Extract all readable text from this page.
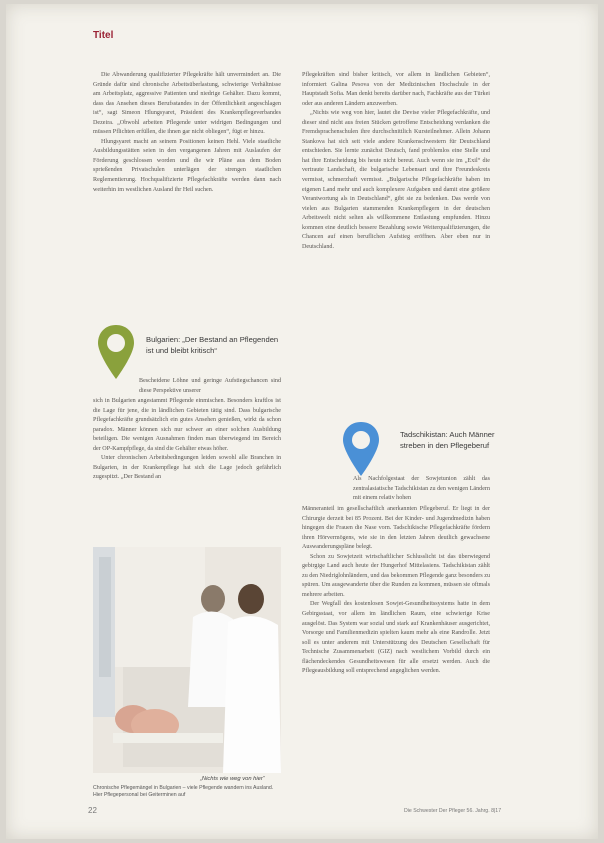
Titel

Die Abwanderung qualifizierter Pflegekräfte hält unvermindert an. Die Gründe dafür sind chronische Arbeitsüberlastung, schwierige Verhältnisse am Arbeitsplatz, aggressive Patienten und niedrige Gehälter. Dazu kommt, dass das Ansehen dieses Berufsstandes in der Öffentlichkeit angeschlagen ist“, sagt Simeon Hlungsyaret, Präsident des Krankenpflegeverbandes Dezeira. „Obwohl arbeiten Pflegende unter widrigen Bedingungen und müssen Pflichten erfüllen, die ihnen gar nicht obliegen“, fügt er hinzu.

Hlungsyaret macht an seinem Positionen keinen Hehl. Viele staatliche Ausbildungsstätten seien in den vergangenen Jahren mit Auslaufen der Förderung geschlossen worden und die wir Pläne aus dem Boden sprießenden Privatschulen unterlägen der strengen staatlichen Reglementierung. Hochqualifizierte Pflegefachkräfte werden dann nach weiterhin im westlichen Ausland ihr Heil suchen.

Pflegekräften sind bisher kritisch, vor allem in ländlichen Gebieten“, informiert Galina Pesova von der Medizinischen Hochschule in der Hauptstadt Sofia. Man denkt bereits darüber nach, Fachkräfte aus der Türkei oder aus anderen Ländern anzuwerben.

„Nichts wie weg von hier, lautet die Devise vieler Pflegefachkräfte, und dieser sind nicht aus freien Stücken getroffene Entscheidung verdanken die Fremdsprachenschulen ihre durchschnittlich Kursteilnehmer. Allein Johann Stankova hat sich seit viele andere Krankenschwestern für Deutschland entschieden. Sie lernte zunächst Deutsch, fand problemlos eine Stelle und hat ihre Entscheidung bis heute nicht bereut. Auch wenn sie im „Exil“ die vertraute Landschaft, die bulgarische Lebensart und ihre Freundeskreis vermisst, schmerzhaft vermisst. „Bulgarische Pflegefachkräfte haben im eigenen Land mehr und auch komplexere Aufgaben und damit eine größere Verantwortung als in Deutschland“, gibt sie zu bedenken. Das werde von vielen aus Bulgarien stammenden Krankenpflegern in der deutschen Arbeitswelt nicht selten als willkommene Entlastung empfunden. Hinzu kommen eine deutlich bessere Bezahlung sowie Weiterqualifizierungen, die Chancen auf einen beruflichen Aufstieg eröffnen. Aber eben nur in Deutschland.

Bulgarien: „Der Bestand an Pflegenden ist und bleibt kritisch“
Bescheidene Löhne und geringe Aufstiegschancen sind diese Perspektive unserer

sich in Bulgarien angestammt Pflegende einmischen. Besonders kraftlos ist die Lage für jene, die in ländlichen Gebieten tätig sind. Dass bulgarische Pflegefachkräfte grundsätzlich ein gutes Ansehen genießen, wirkt da schon paradox. Männer können sich nur schwer an einer solchen Ausbildung beteiligen. Die wenigen Ausnahmen finden man überwiegend im Bereich der OP-Kampfpflege, da sind die Gehälter etwas höher.

Unter chronischen Arbeitsbedingungen leiden sowohl alle Branchen in Bulgarien, in der Krankenpflege hat sich die Lage jedoch gefährlich zugespitzt. „Der Bestand an

Tadschikistan: Auch Männer streben in den Pflegeberuf
Als Nachfolgestaat der Sowjetunion zählt das zentralasiatische Tadschikistan zu den wenigen Ländern mit einem relativ hohen

Männeranteil im gesellschaftlich anerkannten Pflegeberuf. Er liegt in der Chirurgie derzeit bei 85 Prozent. Bei der Kinder- und Jugendmedizin haben hingegen die Frauen die Nase vorn. Tadschikische Pflegefachkräfte fördern ihren Hörvermögens, wie sie in den letzten Jahren deutlich gewachsene Auswanderungspläne belegt.

Schon zu Sowjetzeit wirtschaftlicher Schlusslicht ist das überwiegend gebirgige Land auch heute der Hungerhof Mittelasiens. Tadschikistan zählt zu den Niedriglohnländern, und das bekommen Pflegende ganz besonders zu spüren. Um ausgewanderte über die Runden zu kommen, müssen sie oftmals mehrere arbeiten.

Der Wegfall des kostenlosen Sowjet-Gesundheitssystems hatte in dem Gebirgsstaat, vor allem im ländlichen Raum, eine schwierige Krise ausgelöst. Das System war sozial und stark auf Krankenhäuser ausgerichtet, Vorsorge und Familienmedizin spielten kaum mehr als eine Randrolle. Jetzt soll es unter anderem mit Unterstützung des Deutschen Gesellschaft für Technische Zusammenarbeit (GIZ) nach westlichem Vorbild durch ein flächendeckendes Gesundheitswesen für alle ersetzt werden. Auch die Pflegeausbildung soll entsprechend angeglichen werden.

„Nichts wie weg von hier“
Chronische Pflegemängel in Bulgarien – viele Pflegende wandern ins Ausland. Hier Pflegepersonal bei Geiterminen auf
22	Die Schwester Der Pfleger 56. Jahrg. 8|17
